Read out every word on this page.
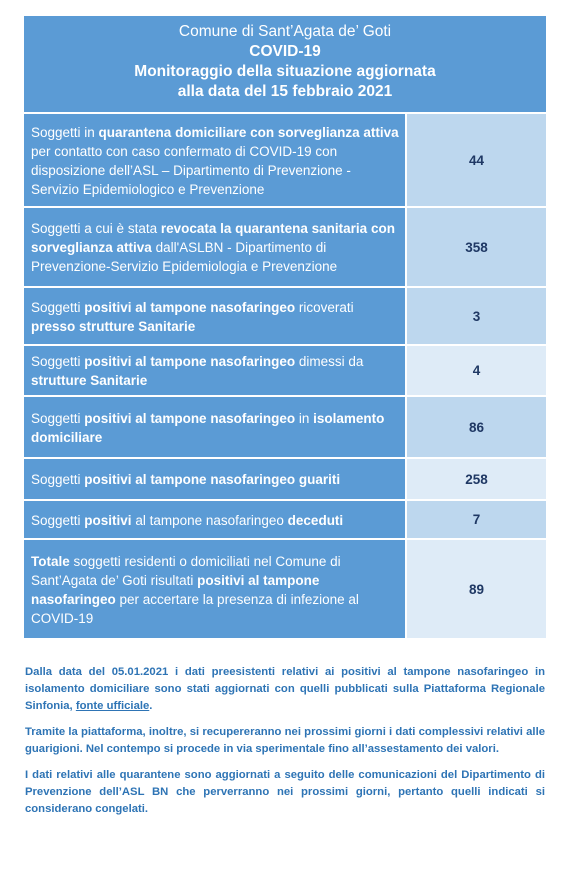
Comune di Sant’Agata de’ Goti
COVID-19
Monitoraggio della situazione aggiornata
alla data del 15 febbraio 2021
Soggetti in quarantena domiciliare con sorveglianza attiva per contatto con caso confermato di COVID-19 con disposizione dell’ASL – Dipartimento di Prevenzione - Servizio Epidemiologico e Prevenzione
44
Soggetti a cui è stata revocata la quarantena sanitaria con sorveglianza attiva dall'ASLBN - Dipartimento di Prevenzione-Servizio Epidemiologia e Prevenzione
358
Soggetti positivi al tampone nasofaringeo ricoverati presso strutture Sanitarie
3
Soggetti positivi al tampone nasofaringeo dimessi da strutture Sanitarie
4
Soggetti positivi al tampone nasofaringeo in isolamento domiciliare
86
Soggetti positivi al tampone nasofaringeo guariti	258
Soggetti positivi al tampone nasofaringeo deceduti	7
Totale soggetti residenti o domiciliati nel Comune di Sant’Agata de’ Goti risultati positivi al tampone nasofaringeo per accertare la presenza di infezione al COVID-19
89

Dalla data del 05.01.2021 i dati preesistenti relativi ai positivi al tampone nasofaringeo in isolamento domiciliare sono stati aggiornati con quelli pubblicati sulla Piattaforma Regionale Sinfonia, fonte ufficiale.

Tramite la piattaforma, inoltre, si recupereranno nei prossimi giorni i dati complessivi relativi alle guarigioni. Nel contempo si procede in via sperimentale fino all’assestamento dei valori.

I dati relativi alle quarantene sono aggiornati a seguito delle comunicazioni del Dipartimento di Prevenzione dell’ASL BN che perverranno nei prossimi giorni, pertanto quelli indicati si considerano congelati.
